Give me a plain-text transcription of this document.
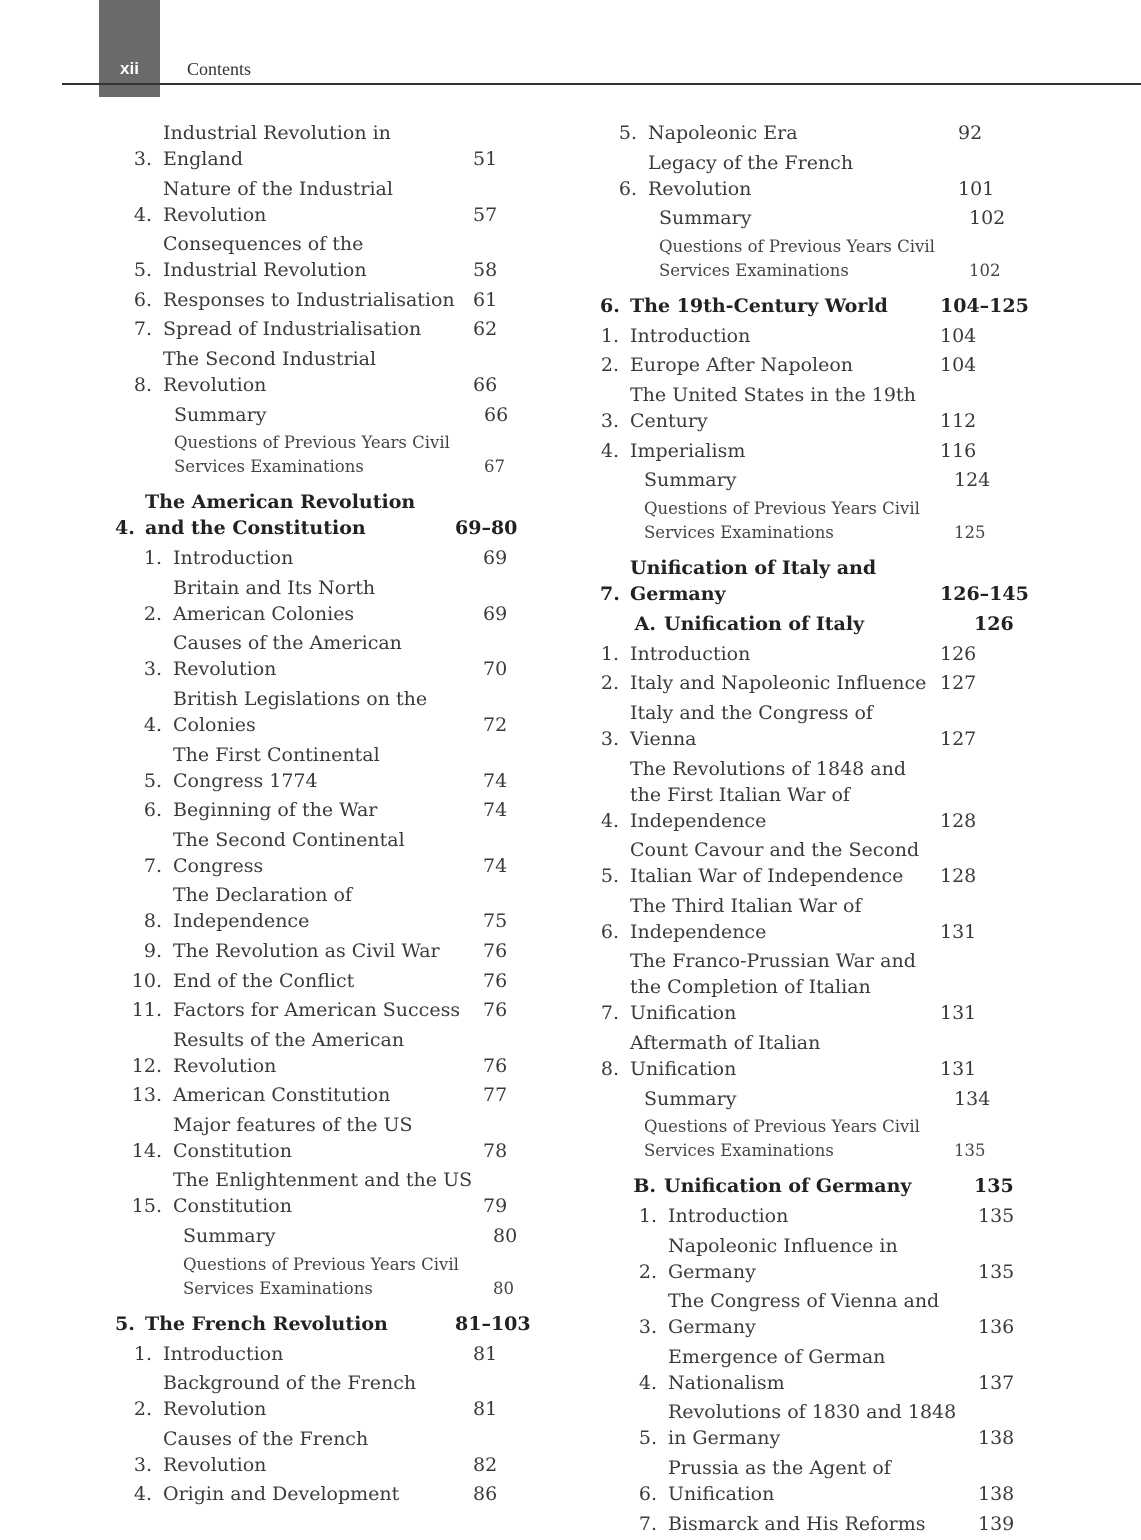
xii	Contents
3.
Industrial Revolution in England	51
4.
Nature of the Industrial Revolution	57
5.
Consequences of the Industrial Revolution	58
6. Responses to Industrialisation 61
7. Spread of Industrialisation	62
8.
The Second Industrial Revolution	66
Summary	66
Questions of Previous Years Civil Services Examinations	67
4.
The American Revolution and the Constitution	69–80
1. Introduction	69
2.
Britain and Its North American Colonies	69
3.
Causes of the American Revolution	70
4.
British Legislations on the Colonies	72
5.
The First Continental Congress 1774	74
6. Beginning of the War	74
7.
The Second Continental Congress	74
8.
The Declaration of Independence	75
9. The Revolution as Civil War	76
10. End of the Conflict	76
11. Factors for American Success	76
12.
Results of the American Revolution	76
13. American Constitution	77
14.
Major features of the US Constitution	78
15.
The Enlightenment and the US Constitution	79
Summary	80
Questions of Previous Years Civil Services Examinations	80
5. The French Revolution	81–103
1. Introduction	81
2.
Background of the French Revolution	81
3.
Causes of the French Revolution	82
4. Origin and Development	86
5. Napoleonic Era	92
6.
Legacy of the French Revolution	101
Summary	102
Questions of Previous Years Civil Services Examinations	102
6. The 19th-Century World	104–125
1. Introduction	104
2. Europe After Napoleon	104
3.
The United States in the 19th Century	112
4. Imperialism	116
Summary	124
Questions of Previous Years Civil Services Examinations	125
7.
Unification of Italy and Germany	126–145
A. Unification of Italy	126
1. Introduction	126
2. Italy and Napoleonic Influence 127
3.
Italy and the Congress of Vienna	127
4.
The Revolutions of 1848 and the First Italian War of Independence	128
5.
Count Cavour and the Second Italian War of Independence	128
6.
The Third Italian War of Independence	131
7.
The Franco-Prussian War and the Completion of Italian Unification	131
8.
Aftermath of Italian Unification	131
Summary	134
Questions of Previous Years Civil Services Examinations	135
B. Unification of Germany	135
1. Introduction	135
2.
Napoleonic Influence in Germany	135
3.
The Congress of Vienna and Germany	136
4.
Emergence of German Nationalism	137
5.
Revolutions of 1830 and 1848 in Germany	138
6.
Prussia as the Agent of Unification	138
7. Bismarck and His Reforms	139
